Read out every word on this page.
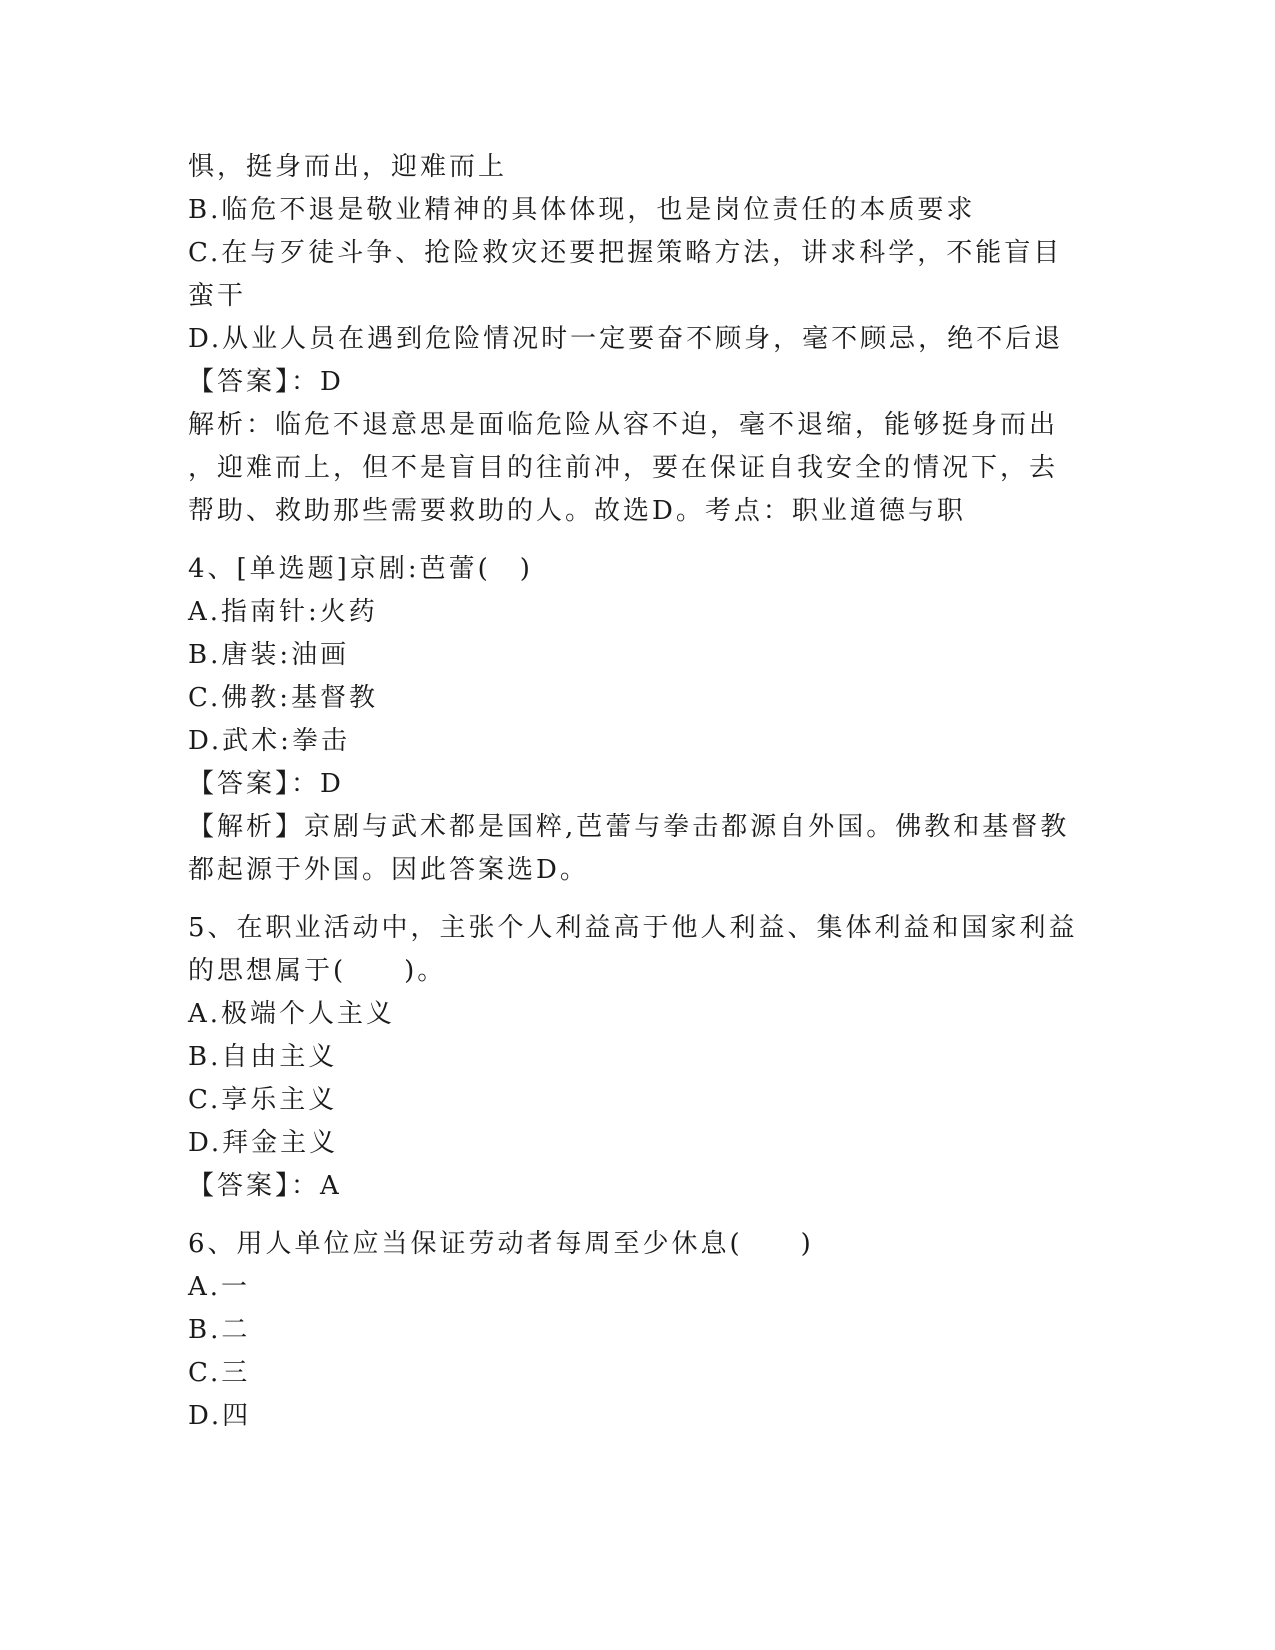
惧，挺身而出，迎难而上
B.临危不退是敬业精神的具体体现，也是岗位责任的本质要求
C.在与歹徒斗争、抢险救灾还要把握策略方法，讲求科学，不能盲目
蛮干
D.从业人员在遇到危险情况时一定要奋不顾身，毫不顾忌，绝不后退
【答案】：D
解析：临危不退意思是面临危险从容不迫，毫不退缩，能够挺身而出
，迎难而上，但不是盲目的往前冲，要在保证自我安全的情况下，去
帮助、救助那些需要救助的人。故选D。考点：职业道德与职
4、[单选题]京剧:芭蕾(　)
A.指南针:火药
B.唐装:油画
C.佛教:基督教
D.武术:拳击
【答案】：D
【解析】京剧与武术都是国粹,芭蕾与拳击都源自外国。佛教和基督教
都起源于外国。因此答案选D。
5、在职业活动中，主张个人利益高于他人利益、集体利益和国家利益
的思想属于(　　)。
A.极端个人主义
B.自由主义
C.享乐主义
D.拜金主义
【答案】：A
6、用人单位应当保证劳动者每周至少休息(　　)
A.一
B.二
C.三
D.四
